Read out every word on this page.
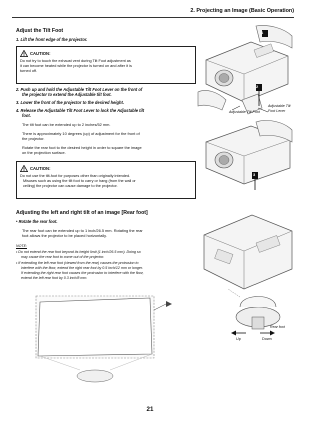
2. Projecting an Image (Basic Operation)
Adjust the Tilt Foot
1. Lift the front edge of the projector.
CAUTION:
Do not try to touch the exhaust vent during Tilt Foot adjustment as
it can become heated while the projector is turned on and after it is
turned off.
2. Push up and hold the Adjustable Tilt Foot Lever on the front of
the projector to extend the Adjustable tilt foot.
3. Lower the front of the projector to the desired height.
4. Release the Adjustable Tilt Foot Lever to lock the Adjustable tilt
foot.
The tilt foot can be extended up to 2 inches/52 mm.
There is approximately 10 degrees (up) of adjustment for the front of
the projector.
Rotate the rear foot to the desired height in order to square the image
on the projection surface.
CAUTION:
Do not use the tilt-foot for purposes other than originally intended.
Misuses such as using the tilt foot to carry or hang (from the wall or
ceiling) the projector can cause damage to the projector.
1
2
3
Adjustable Tilt Foot
Adjustable Tilt
Foot Lever
Adjusting the left and right tilt of an image [Rear foot]
• Rotate the rear foot.
The rear foot can be extended up to 1 inch/26.5 mm. Rotating the rear
foot allows the projector to be placed horizontally.
NOTE:
• Do not extend the rear foot beyond its height limit (1 inch/26.5 mm). Doing so
may cause the rear foot to come out of the projector.
• If extending the left rear foot (viewed from the rear) causes the protrusion to
interfere with the floor, extend the right rear foot by 0.5 inch/12 mm or longer.
If extending the right rear foot causes the protrusion to interfere with the floor,
extend the left rear foot by 0.3 inch/8 mm.
Rear foot
Up	Down
21
